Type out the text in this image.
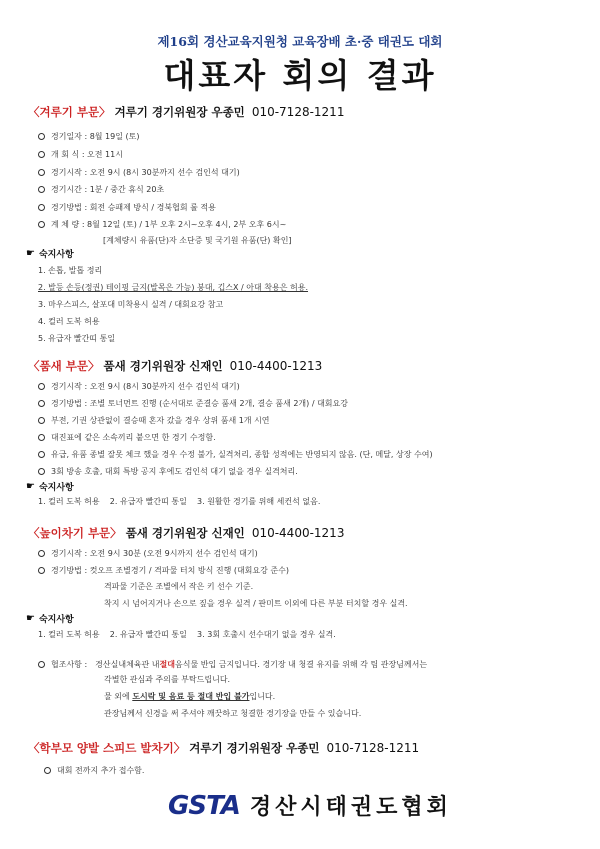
제16회 경산교육지원청 교육장배 초·중 태권도 대회
대표자 회의 결과
〈겨루기 부문〉 겨루기 경기위원장 우종민 010-7128-1211
경기일자 : 8월 19일 (토)
개 회 식 : 오전 11시
경기시작 : 오전 9시 (8시 30분까지 선수 검인석 대기)
경기시간 : 1분 / 중간 휴식 20초
경기방법 : 회전 승패제 방식 / 경북협회 룰 적용
계 체 량 : 8월 12일 (토) / 1부 오후 2시~오후 4시, 2부 오후 6시~
[계체량시 유품(단)자 소단증 및 국기원 유품(단) 확인]
☛ 숙지사항
1. 손톱, 발톱 정리
2. 발등 손등(정권) 테이핑 금지(발목은 가능) 붕대, 깁스X / 아대 착용은 허용.
3. 마우스피스, 살포대 미착용시 실격 / 대회요강 참고
4. 컬러 도복 허용
5. 유급자 빨간띠 통일
〈품새 부문〉 품새 경기위원장 신재인 010-4400-1213
경기시작 : 오전 9시 (8시 30분까지 선수 검인석 대기)
경기방법 : 조별 토너먼트 진행 (순서대로 준결승 품새 2개, 결승 품새 2개) / 대회요강
부전, 기권 상관없이 결승때 혼자 갔을 경우 상위 품새 1개 시연
대진표에 같은 소속끼리 붙으면 한 경기 수정함.
유급, 유품 종별 잘못 체크 했을 경우 수정 불가, 실격처리, 종합 성적에는 반영되지 않음. (단, 메달, 상장 수여)
3회 방송 호출, 대회 특방 공지 후에도 검인석 대기 없을 경우 실격처리.
☛ 숙지사항
1. 컬러 도복 허용    2. 유급자 빨간띠 통일    3. 원활한 경기를 위해 세컨석 없음.
〈높이차기 부문〉 품새 경기위원장 신재인 010-4400-1213
경기시작 : 오전 9시 30분 (오전 9시까지 선수 검인석 대기)
경기방법 : 컷오프 조별경기 / 격파물 터치 방식 진행 (대회요강 준수)
격파물 기준은 조별에서 작은 키 선수 기준.
착지 시 넘어지거나 손으로 짚을 경우 실격 / 판미트 이외에 다른 부분 터치할 경우 실격.
☛ 숙지사항
1. 컬러 도복 허용    2. 유급자 빨간띠 통일    3. 3회 호출시 선수대기 없을 경우 실격.
협조사항 : 경산실내체육관 내 절대 음식물 반입 금지입니다. 경기장 내 청결 유지를 위해 각 팀 관장님께서는
각별한 관심과 주의를 부탁드립니다.
물 외에 도시락 및 음료 등 절대 반입 불가입니다.
관장님께서 신경을 써 주셔야 깨끗하고 청결한 경기장을 만들 수 있습니다.
〈학부모 양발 스피드 발차기〉 겨루기 경기위원장 우종민 010-7128-1211
대회 전까지 추가 접수함.
GSTA 경산시태권도협회
